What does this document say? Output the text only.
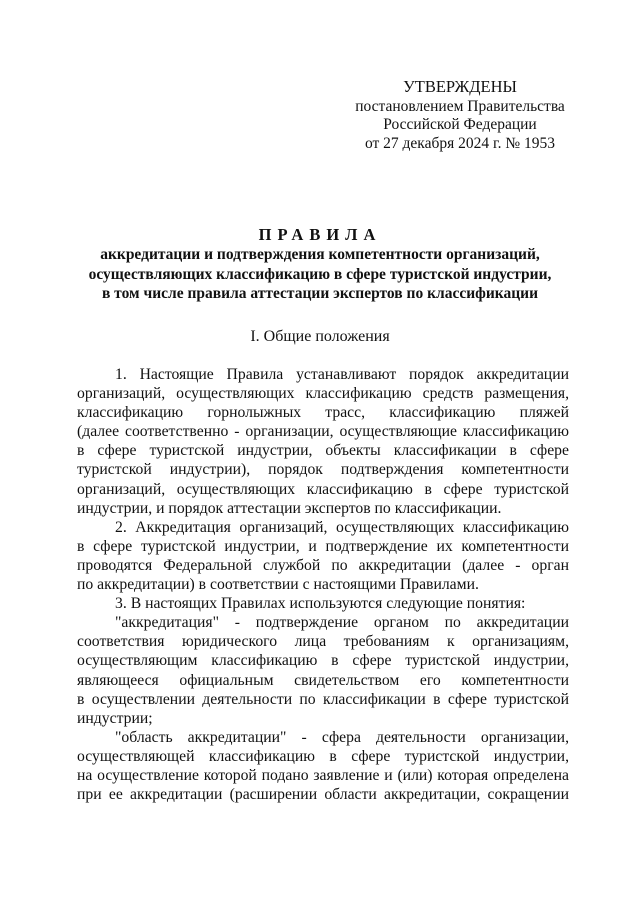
УТВЕРЖДЕНЫ
постановлением Правительства
Российской Федерации
от 27 декабря 2024 г. № 1953
ПРАВИЛА
аккредитации и подтверждения компетентности организаций,
осуществляющих классификацию в сфере туристской индустрии,
в том числе правила аттестации экспертов по классификации
I. Общие положения
1. Настоящие Правила устанавливают порядок аккредитации
организаций, осуществляющих классификацию средств размещения,
классификацию горнолыжных трасс, классификацию пляжей
(далее соответственно - организации, осуществляющие классификацию
в сфере туристской индустрии, объекты классификации в сфере
туристской индустрии), порядок подтверждения компетентности
организаций, осуществляющих классификацию в сфере туристской
индустрии, и порядок аттестации экспертов по классификации.
2. Аккредитация организаций, осуществляющих классификацию
в сфере туристской индустрии, и подтверждение их компетентности
проводятся Федеральной службой по аккредитации (далее - орган
по аккредитации) в соответствии с настоящими Правилами.
3. В настоящих Правилах используются следующие понятия:
"аккредитация" - подтверждение органом по аккредитации
соответствия юридического лица требованиям к организациям,
осуществляющим классификацию в сфере туристской индустрии,
являющееся официальным свидетельством его компетентности
в осуществлении деятельности по классификации в сфере туристской
индустрии;
"область аккредитации" - сфера деятельности организации,
осуществляющей классификацию в сфере туристской индустрии,
на осуществление которой подано заявление и (или) которая определена
при ее аккредитации (расширении области аккредитации, сокращении
